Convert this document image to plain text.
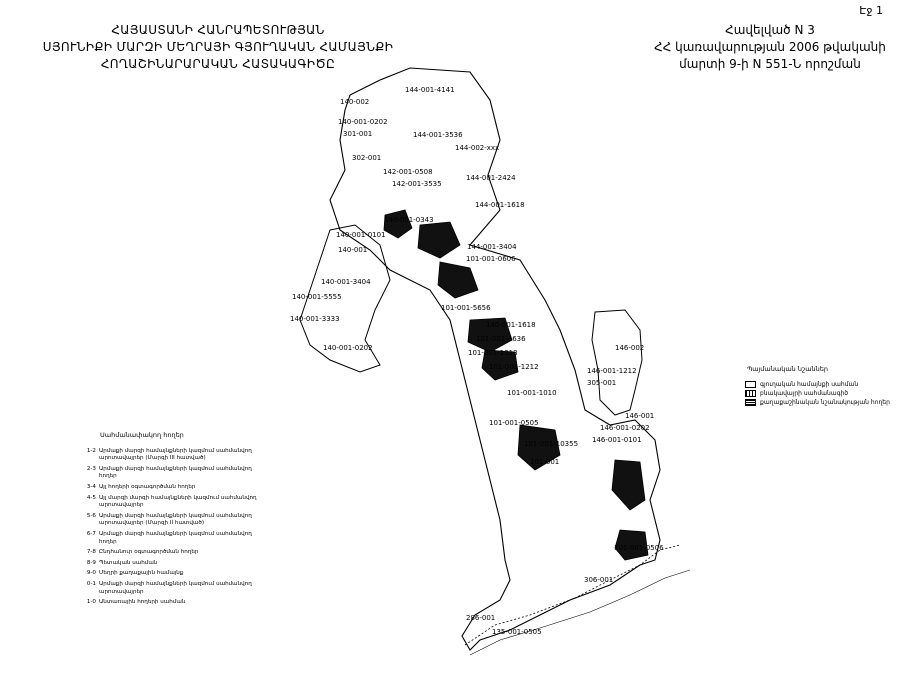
Էջ 1
ՀԱՅԱՍՏԱՆԻ ՀԱՆՐԱՊԵՏՈՒԹՅԱՆ
ՍՅՈՒՆԻՔԻ ՄԱՐԶԻ ՄԵՂՐԱՅԻ ԳՅՈՒՂԱԿԱՆ ՀԱՄԱՅՆՔԻ
ՀՈՂԱՇԻՆԱՐԱՐԱԿԱՆ ՀԱՏԱԿԱԳԻԾԸ
Հավելված N 3
ՀՀ կառավարության 2006 թվականի
մարտի 9-ի N 551-Ն որոշման
144-001-4141
140-002
140-001-0202
301-001	144-001-3536
144-002-xxx
302-001
142-001-0508
142-001-3535
144-001-2424
144-001-1618
140-001-0343
140-001-0101
140-001	144-001-3404
101-001-0606
140-001-3404
140-001-5555
140-001-3333
140-001-0202
101-001-5656
140-001-1618
101-001-3636
101-001-1313
101-001-1212
101-001-1010
101-001-0505
101-001-10355
101-001
146-002
146-001-1212
305-001
146-001
146-001-0202
146-001-0101
306-001
286-001
101-001-0506
135-001-0505
Պայմանական նշաններ
գյուղական համայնքի սահման
բնակավայրի սահմանագիծ
քաղաքաշինական նշանակության հողեր
Սահմանափակող հողեր
1-2 Արմաքի մարզի համայնքների կազմում սահմանվող արոտավայրեր (Մարզի III հատված)
2-3 Արմաքի մարզի համայնքների կազմում սահմանվող հողեր
3-4 Այլ հողերի օգտագործման հողեր
4-5 Այլ մարզի մարզի համայնքների կազմում սահմանվող արոտավայրեր
5-6 Արմաքի մարզի համայնքների կազմում սահմանվող արոտավայրեր (Մարզի II հատված)
6-7 Արմաքի մարզի համայնքների կազմում սահմանվող հողեր
7-8 Ընդհանուր օգտագործման հողեր
8-9 Պետական սահման
9-0 Մեղրի քաղաքային համայնք
0-1 Արմաքի մարզի համայնքների կազմում սահմանվող արոտավայրեր
1-0 Անտառային հողերի սահման
